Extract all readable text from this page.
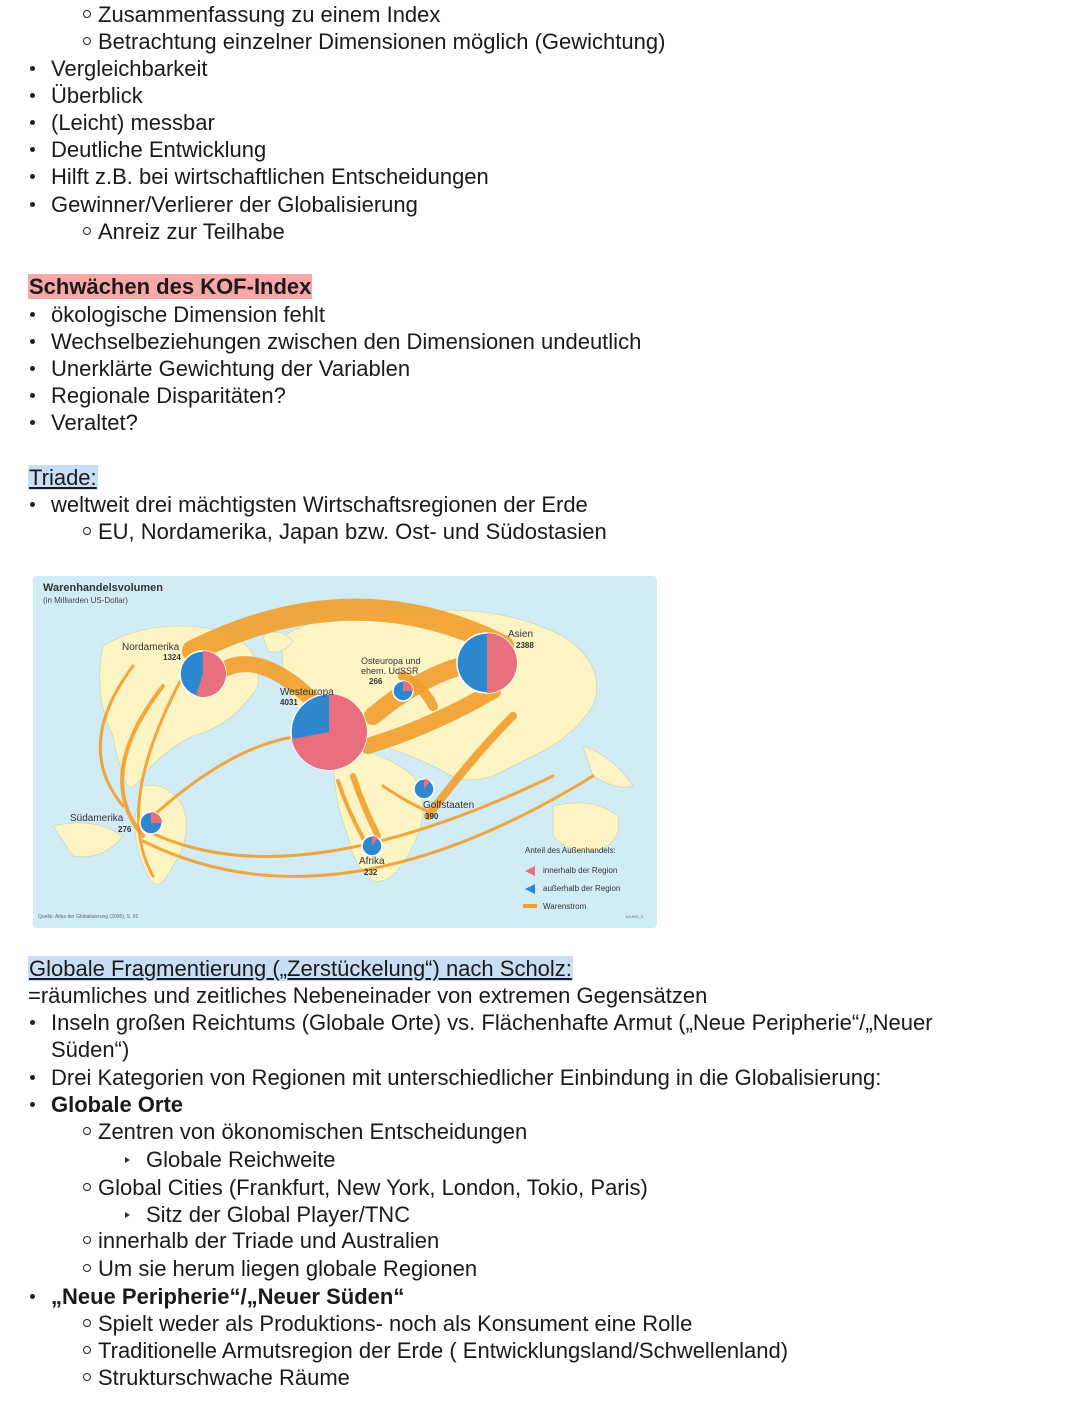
Zusammenfassung zu einem Index
Betrachtung einzelner Dimensionen möglich (Gewichtung)
Vergleichbarkeit
Überblick
(Leicht) messbar
Deutliche Entwicklung
Hilft z.B. bei wirtschaftlichen Entscheidungen
Gewinner/Verlierer der Globalisierung
Anreiz zur Teilhabe
Schwächen des KOF-Index
ökologische Dimension fehlt
Wechselbeziehungen zwischen den Dimensionen undeutlich
Unerklärte Gewichtung der Variablen
Regionale Disparitäten?
Veraltet?
Triade:
weltweit drei mächtigsten Wirtschaftsregionen der Erde
EU, Nordamerika, Japan bzw. Ost- und Südostasien
Warenhandelsvolumen
(in Milliarden US-Dollar)
Nordamerika
1324
Asien
2388
Osteuropa und
ehem. UdSSR
266
Westeuropa
4031
Golfstaaten
390
Südamerika
276
Afrika
232
Anteil des Außenhandels:
innerhalb der Region
außerhalb der Region
Warenstrom
Quelle: Atlas der Globalisierung (2006), S. 91	101920_3
Globale Fragmentierung („Zerstückelung“) nach Scholz:
=räumliches und zeitliches Nebeneinader von extremen Gegensätzen
Inseln großen Reichtums (Globale Orte) vs. Flächenhafte Armut („Neue Peripherie“/„Neuer
Süden“)
Drei Kategorien von Regionen mit unterschiedlicher Einbindung in die Globalisierung:
Globale Orte
Zentren von ökonomischen Entscheidungen
Globale Reichweite
Global Cities (Frankfurt, New York, London, Tokio, Paris)
Sitz der Global Player/TNC
innerhalb der Triade und Australien
Um sie herum liegen globale Regionen
„Neue Peripherie“/„Neuer Süden“
Spielt weder als Produktions- noch als Konsument eine Rolle
Traditionelle Armutsregion der Erde ( Entwicklungsland/Schwellenland)
Strukturschwache Räume
